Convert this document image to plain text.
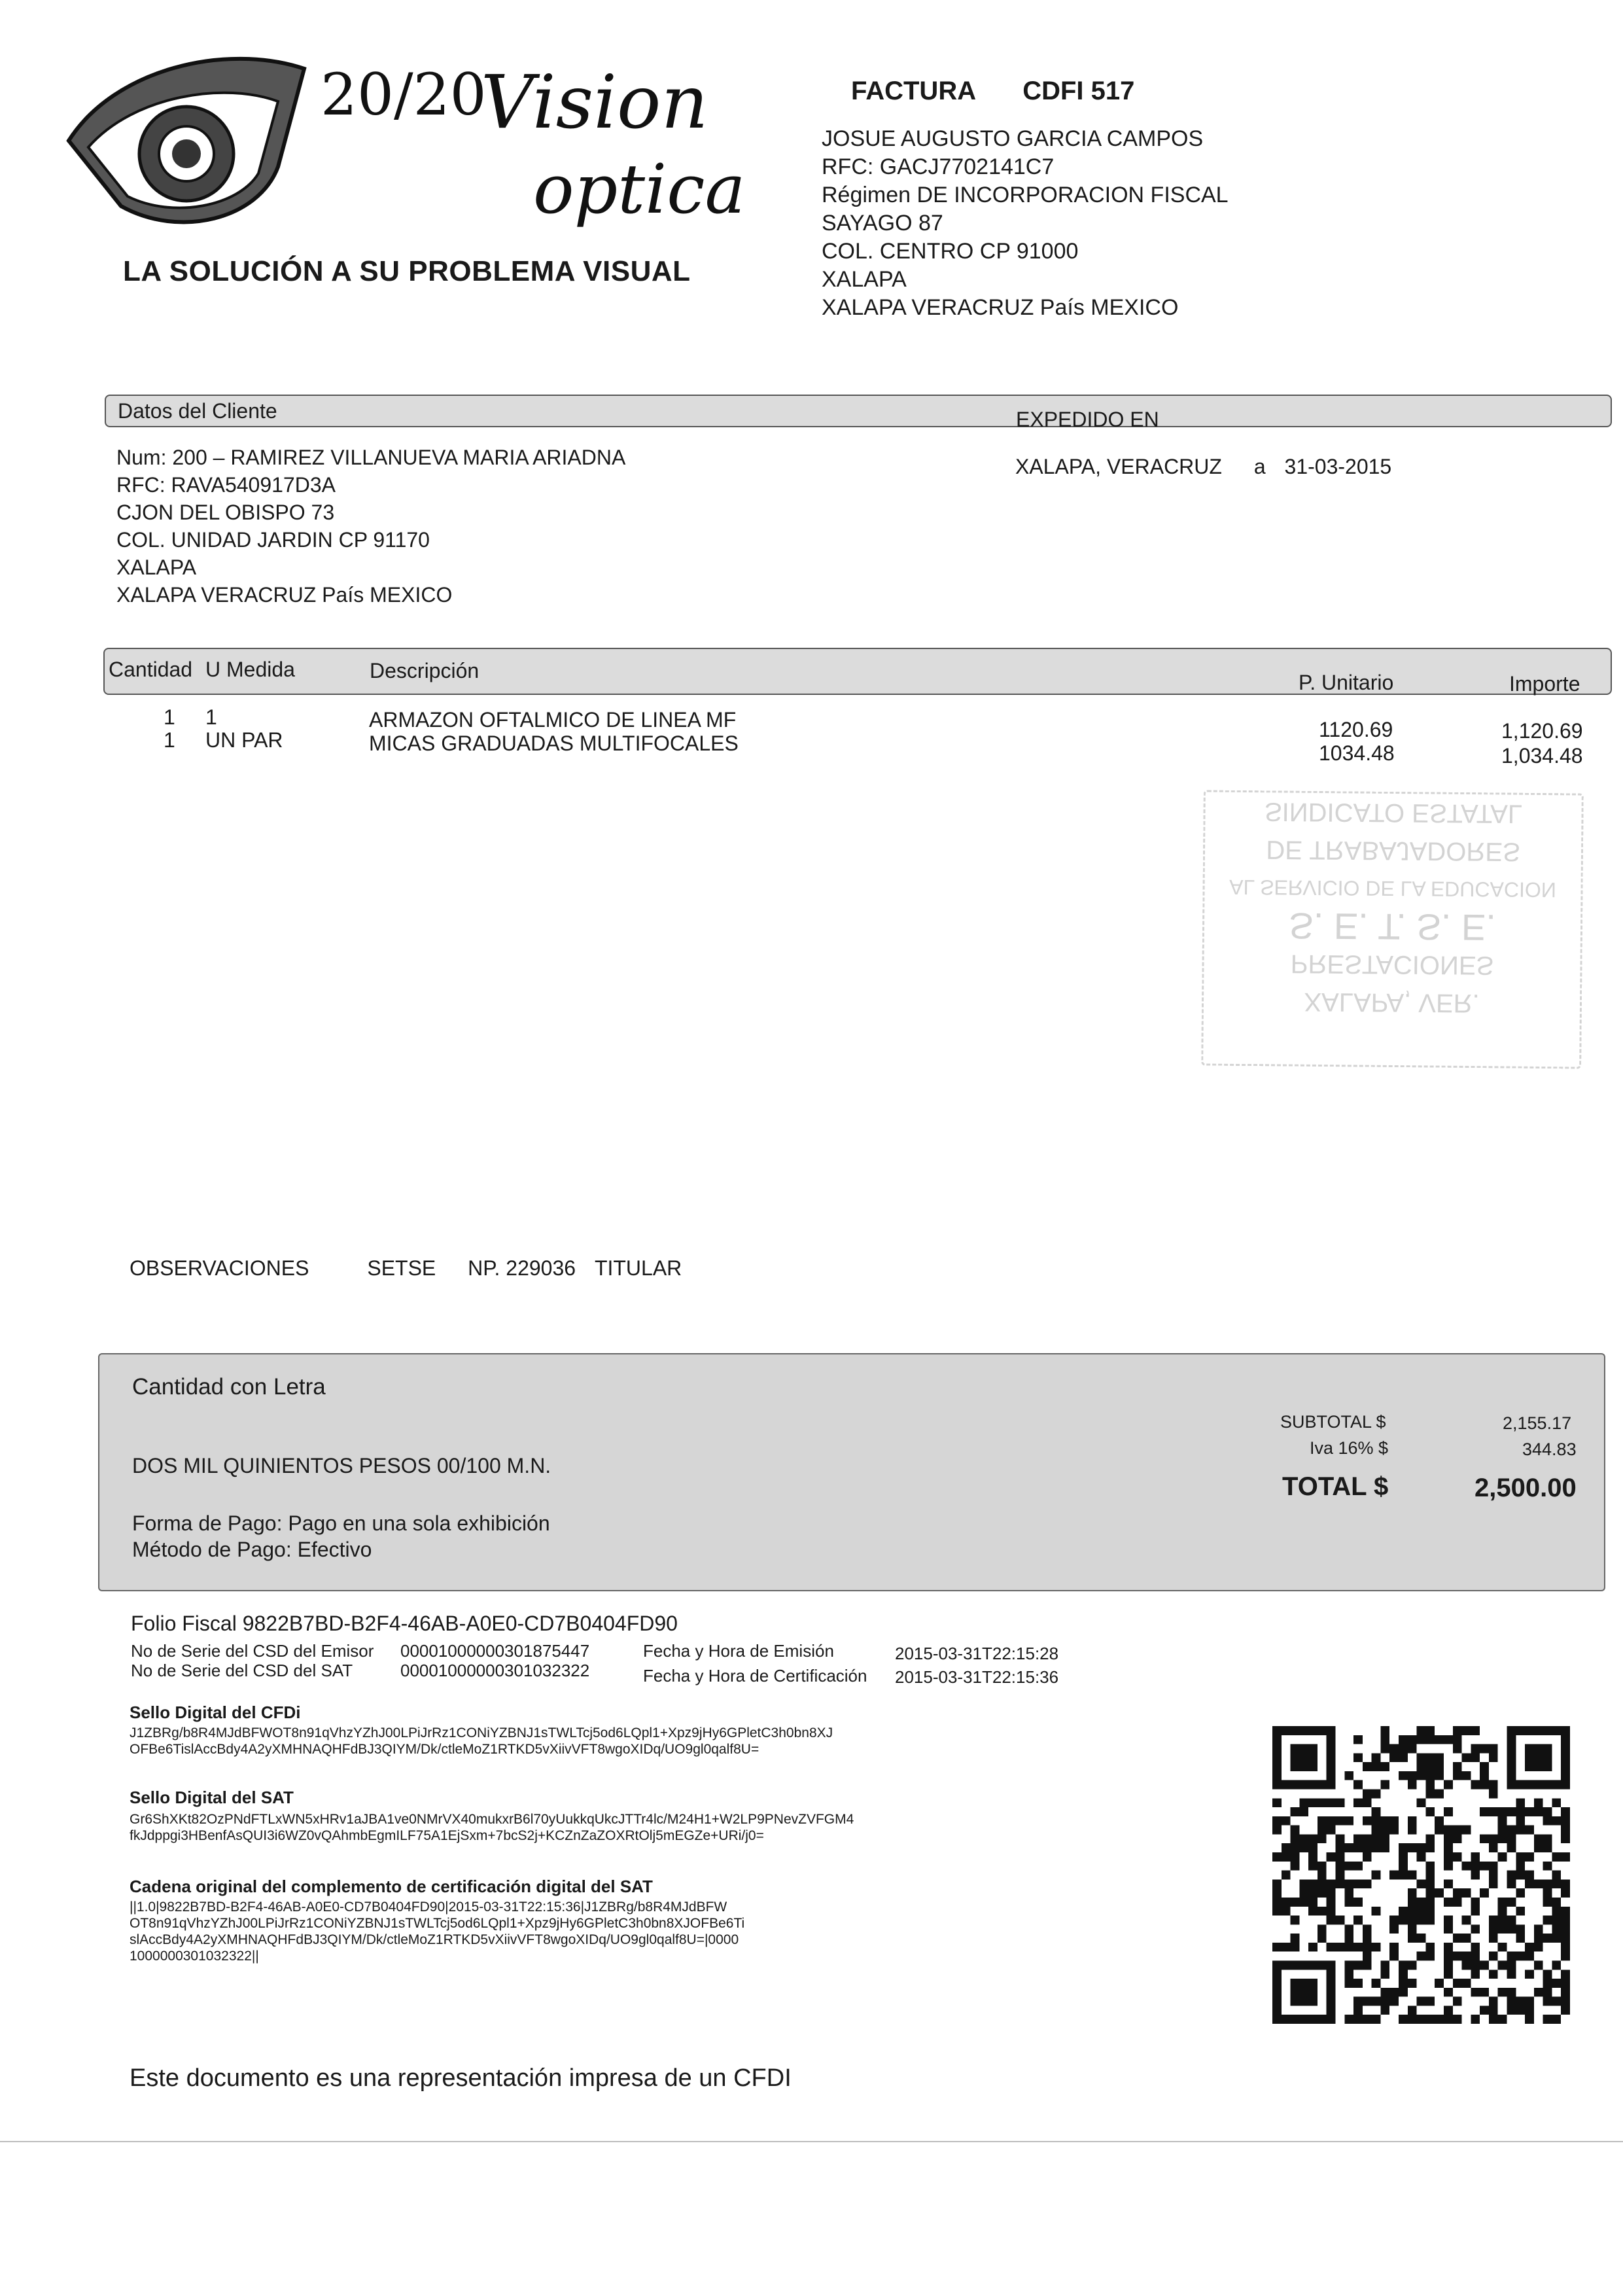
20/20
Vision
optica
LA SOLUCIÓN A SU PROBLEMA VISUAL
FACTURA CDFI 517
JOSUE AUGUSTO GARCIA CAMPOS
RFC: GACJ7702141C7
Régimen DE INCORPORACION FISCAL
SAYAGO 87
COL. CENTRO CP 91000
XALAPA
XALAPA VERACRUZ País MEXICO
Datos del Cliente	EXPEDIDO EN
Num: 200 – RAMIREZ VILLANUEVA MARIA ARIADNA
RFC: RAVA540917D3A
CJON DEL OBISPO 73
COL. UNIDAD JARDIN CP 91170
XALAPA
XALAPA VERACRUZ País MEXICO
XALAPA, VERACRUZ a 31-03-2015
Cantidad U Medida	Descripción	P. Unitario	Importe
1 1	ARMAZON OFTALMICO DE LINEA MF	1120.69	1,120.69
1 UN PAR	MICAS GRADUADAS MULTIFOCALES	1034.48	1,034.48
SINDICATO ESTATAL
DE TRABAJADORES
AL SERVICIO DE LA EDUCACION
S. E. T. S. E.
PRESTACIONES
XALAPA, VER.
OBSERVACIONES	SETSE NP. 229036 TITULAR
Cantidad con Letra
DOS MIL QUINIENTOS PESOS 00/100 M.N.
Forma de Pago: Pago en una sola exhibición
Método de Pago: Efectivo
SUBTOTAL $	2,155.17
Iva 16% $	344.83
TOTAL $	2,500.00
Folio Fiscal 9822B7BD-B2F4-46AB-A0E0-CD7B0404FD90
No de Serie del CSD del Emisor 00001000000301875447
No de Serie del CSD del SAT	00001000000301032322
Fecha y Hora de Emisión	2015-03-31T22:15:28
Fecha y Hora de Certificación 2015-03-31T22:15:36
Sello Digital del CFDi
J1ZBRg/b8R4MJdBFWOT8n91qVhzYZhJ00LPiJrRz1CONiYZBNJ1sTWLTcj5od6LQpl1+Xpz9jHy6GPletC3h0bn8XJ
OFBe6TislAccBdy4A2yXMHNAQHFdBJ3QIYM/Dk/ctleMoZ1RTKD5vXiivVFT8wgoXIDq/UO9gl0qalf8U=
Sello Digital del SAT
Gr6ShXKt82OzPNdFTLxWN5xHRv1aJBA1ve0NMrVX40mukxrB6l70yUukkqUkcJTTr4lc/M24H1+W2LP9PNevZVFGM4
fkJdppgi3HBenfAsQUI3i6WZ0vQAhmbEgmILF75A1EjSxm+7bcS2j+KCZnZaZOXRtOlj5mEGZe+URi/j0=
Cadena original del complemento de certificación digital del SAT
||1.0|9822B7BD-B2F4-46AB-A0E0-CD7B0404FD90|2015-03-31T22:15:36|J1ZBRg/b8R4MJdBFW
OT8n91qVhzYZhJ00LPiJrRz1CONiYZBNJ1sTWLTcj5od6LQpl1+Xpz9jHy6GPletC3h0bn8XJOFBe6Ti
slAccBdy4A2yXMHNAQHFdBJ3QIYM/Dk/ctleMoZ1RTKD5vXiivVFT8wgoXIDq/UO9gl0qalf8U=|0000
1000000301032322||
Este documento es una representación impresa de un CFDI
